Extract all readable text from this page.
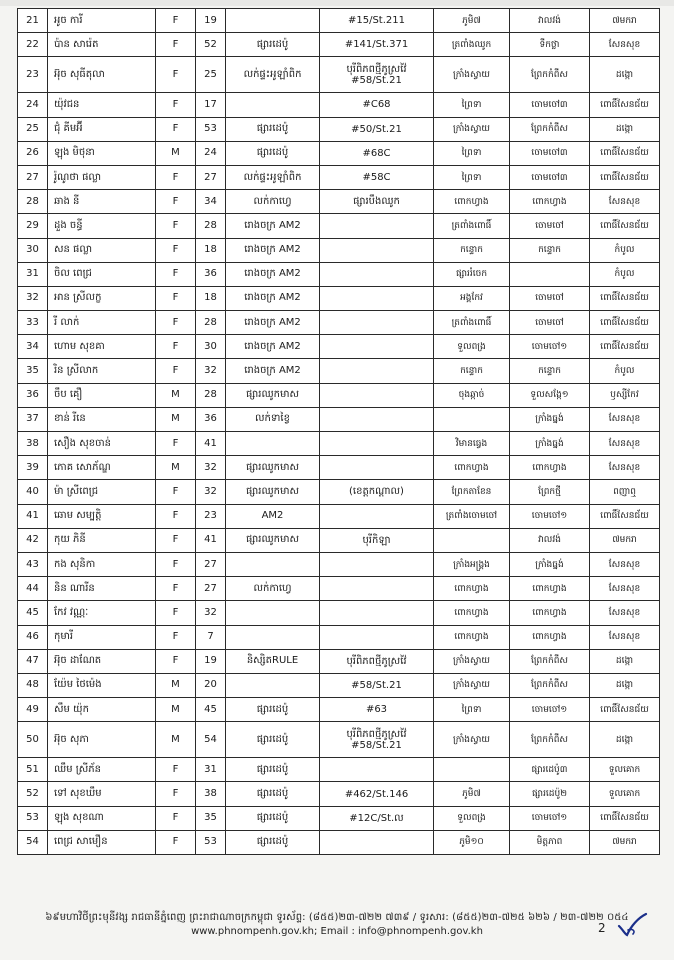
21	អូច ការី	F	19		#15/St.211	ភូមិ៧	វាលវង់	៧មករា
22	ប៉ាន សារ៉េត	F	52	ផ្សារដេប៉ូ	#141/St.371	ត្រពាំងឈូក	ទឹកថ្លា	សែនសុខ
23	អ៊ុច សុធីតុលា	F	25	លក់ផ្ទះអូឡាំពិក	បុរីពិភពថ្មីភូស្រវ៉ៃ #58/St.21	ក្រាំងស្វាយ	ព្រែកកំពឹស	ដង្កោ
24	យ៉ុវជន	F	17		#C68	ព្រៃទា	ចោមចៅ៣	ពោធិ៍សែនជ័យ
25	ជុំ គីមអ៊ី	F	53	ផ្សារដេប៉ូ	#50/St.21	ក្រាំងស្វាយ	ព្រែកកំពឹស	ដង្កោ
26	ឡុង មិថុនា	M	24	ផ្សារដេប៉ូ	#68C	ព្រៃទា	ចោមចៅ៣	ពោធិ៍សែនជ័យ
27	រ៉ូណូថា ផល្លា	F	27	លក់ផ្ទះអូឡាំពិក	#58C	ព្រៃទា	ចោមចៅ៣	ពោធិ៍សែនជ័យ
28	ឆាង នី	F	34	លក់កាហ្វេ	ផ្សារបឹងឈូក	ពោកហ្វាង	ពោកហ្វាង	សែនសុខ
29	ដួង ចន្ធី	F	28	រោងចក្រ AM2		ត្រពាំងពោធិ៍	ចោមចៅ	ពោធិ៍សែនជ័យ
30	សន ផល្លា	F	18	រោងចក្រ AM2		កន្ទោក	កន្ទោក	កំបូល
31	ចិល ពេជ្រ	F	36	រោងចក្រ AM2		ផ្សាររំចេក		កំបូល
32	អាន ស្រីលក្ខ	F	18	រោងចក្រ AM2		អង្គកែវ	ចោមចៅ	ពោធិ៍សែនជ័យ
33	រី លាក់	F	28	រោងចក្រ AM2		ត្រពាំងពោធិ៍	ចោមចៅ	ពោធិ៍សែនជ័យ
34	ហោម សុខគា	F	30	រោងចក្រ AM2		ទួលពង្រ	ចោមចៅ១	ពោធិ៍សែនជ័យ
35	រិន ស្រីលាក	F	32	រោងចក្រ AM2		កន្ទោក	កន្ទោក	កំបូល
36	ចឹប គឿ	M	28	ផ្សារឈូកមាស		ចុងឆ្កាច់	ទួលសង្កែ១	ឫស្សីកែវ
37	ខាន់ រីនេ	M	36	លក់ទាខ្វៃ			ក្រាំងធ្នង់	សែនសុខ
38	សឿង សុខចាន់	F	41			វិមានធ្វេង	ក្រាំងធ្នង់	សែនសុខ
39	ភោគ សោភ័ណ្ឌ	M	32	ផ្សារឈូកមាស		ពោកហ្វាង	ពោកហ្វាង	សែនសុខ
40	ម៉ា ស្រីពេជ្រ	F	32	ផ្សារឈូកមាស	(ខេត្តកណ្ដាល)	ព្រែកតាខែន	ព្រែកថ្មី	ពញាឮ
41	ឆោម សម្បត្តិ	F	23	AM2		ត្រពាំងចោមចៅ	ចោមចៅ១	ពោធិ៍សែនជ័យ
42	កុយ ភិនី	F	41	ផ្សារឈូកមាស	បុរីកិឡា		វាលវង់	៧មករា
43	កង សុនិកា	F	27			ក្រាំងអង្គ្រង	ក្រាំងធ្នង់	សែនសុខ
44	និន ណារីន	F	27	លក់កាហ្វេ		ពោកហ្វាង	ពោកហ្វាង	សែនសុខ
45	កែវ វណ្ណៈ	F	32			ពោកហ្វាង	ពោកហ្វាង	សែនសុខ
46	កុមារី	F	7			ពោកហ្វាង	ពោកហ្វាង	សែនសុខ
47	អ៊ុច ដាណែត	F	19	និស្សិតRULE	បុរីពិភពថ្មីភូស្រវ៉ៃ	ក្រាំងស្វាយ	ព្រែកកំពឹស	ដង្កោ
48	យ៉ែម ថៃម៉េង	M	20		#58/St.21	ក្រាំងស្វាយ	ព្រែកកំពឹស	ដង្កោ
49	សឹម យ៉ុក	M	45	ផ្សារដេប៉ូ	#63	ព្រៃទា	ចោមចៅ១	ពោធិ៍សែនជ័យ
50	អ៊ុច សុភា	M	54	ផ្សារដេប៉ូ	បុរីពិភពថ្មីភូស្រវ៉ៃ #58/St.21	ក្រាំងស្វាយ	ព្រែកកំពឹស	ដង្កោ
51	ឈឹម ស្រីភ័ន	F	31	ផ្សារដេប៉ូ			ផ្សារដេប៉ូ៣	ទួលគោក
52	ទៅ សុខឃឹម	F	38	ផ្សារដេប៉ូ	#462/St.146	ភូមិ៧	ផ្សារដេប៉ូ២	ទួលគោក
53	ឡុង សុខណា	F	35	ផ្សារដេប៉ូ	#12C/St.ល	ទួលពង្រ	ចោមចៅ១	ពោធិ៍សែនជ័យ
54	ពេជ្រ សាមឿន	F	53	ផ្សារដេប៉ូ		ភូមិ១០	មិត្តភាព	៧មករា
៦៩មហាវិថីព្រះមុនីវង្ស រាជធានីភ្នំពេញ ព្រះរាជាណាចក្រកម្ពុជា ទូរស័ព្ទ: (៨៥៥)២៣-៧២២ ៧៣៩ / ទូរសារ: (៨៥៥)២៣-៧២៥ ៦២៦ / ២៣-៧២២ ០៥៤
www.phnompenh.gov.kh; Email : info@phnompenh.gov.kh	2
